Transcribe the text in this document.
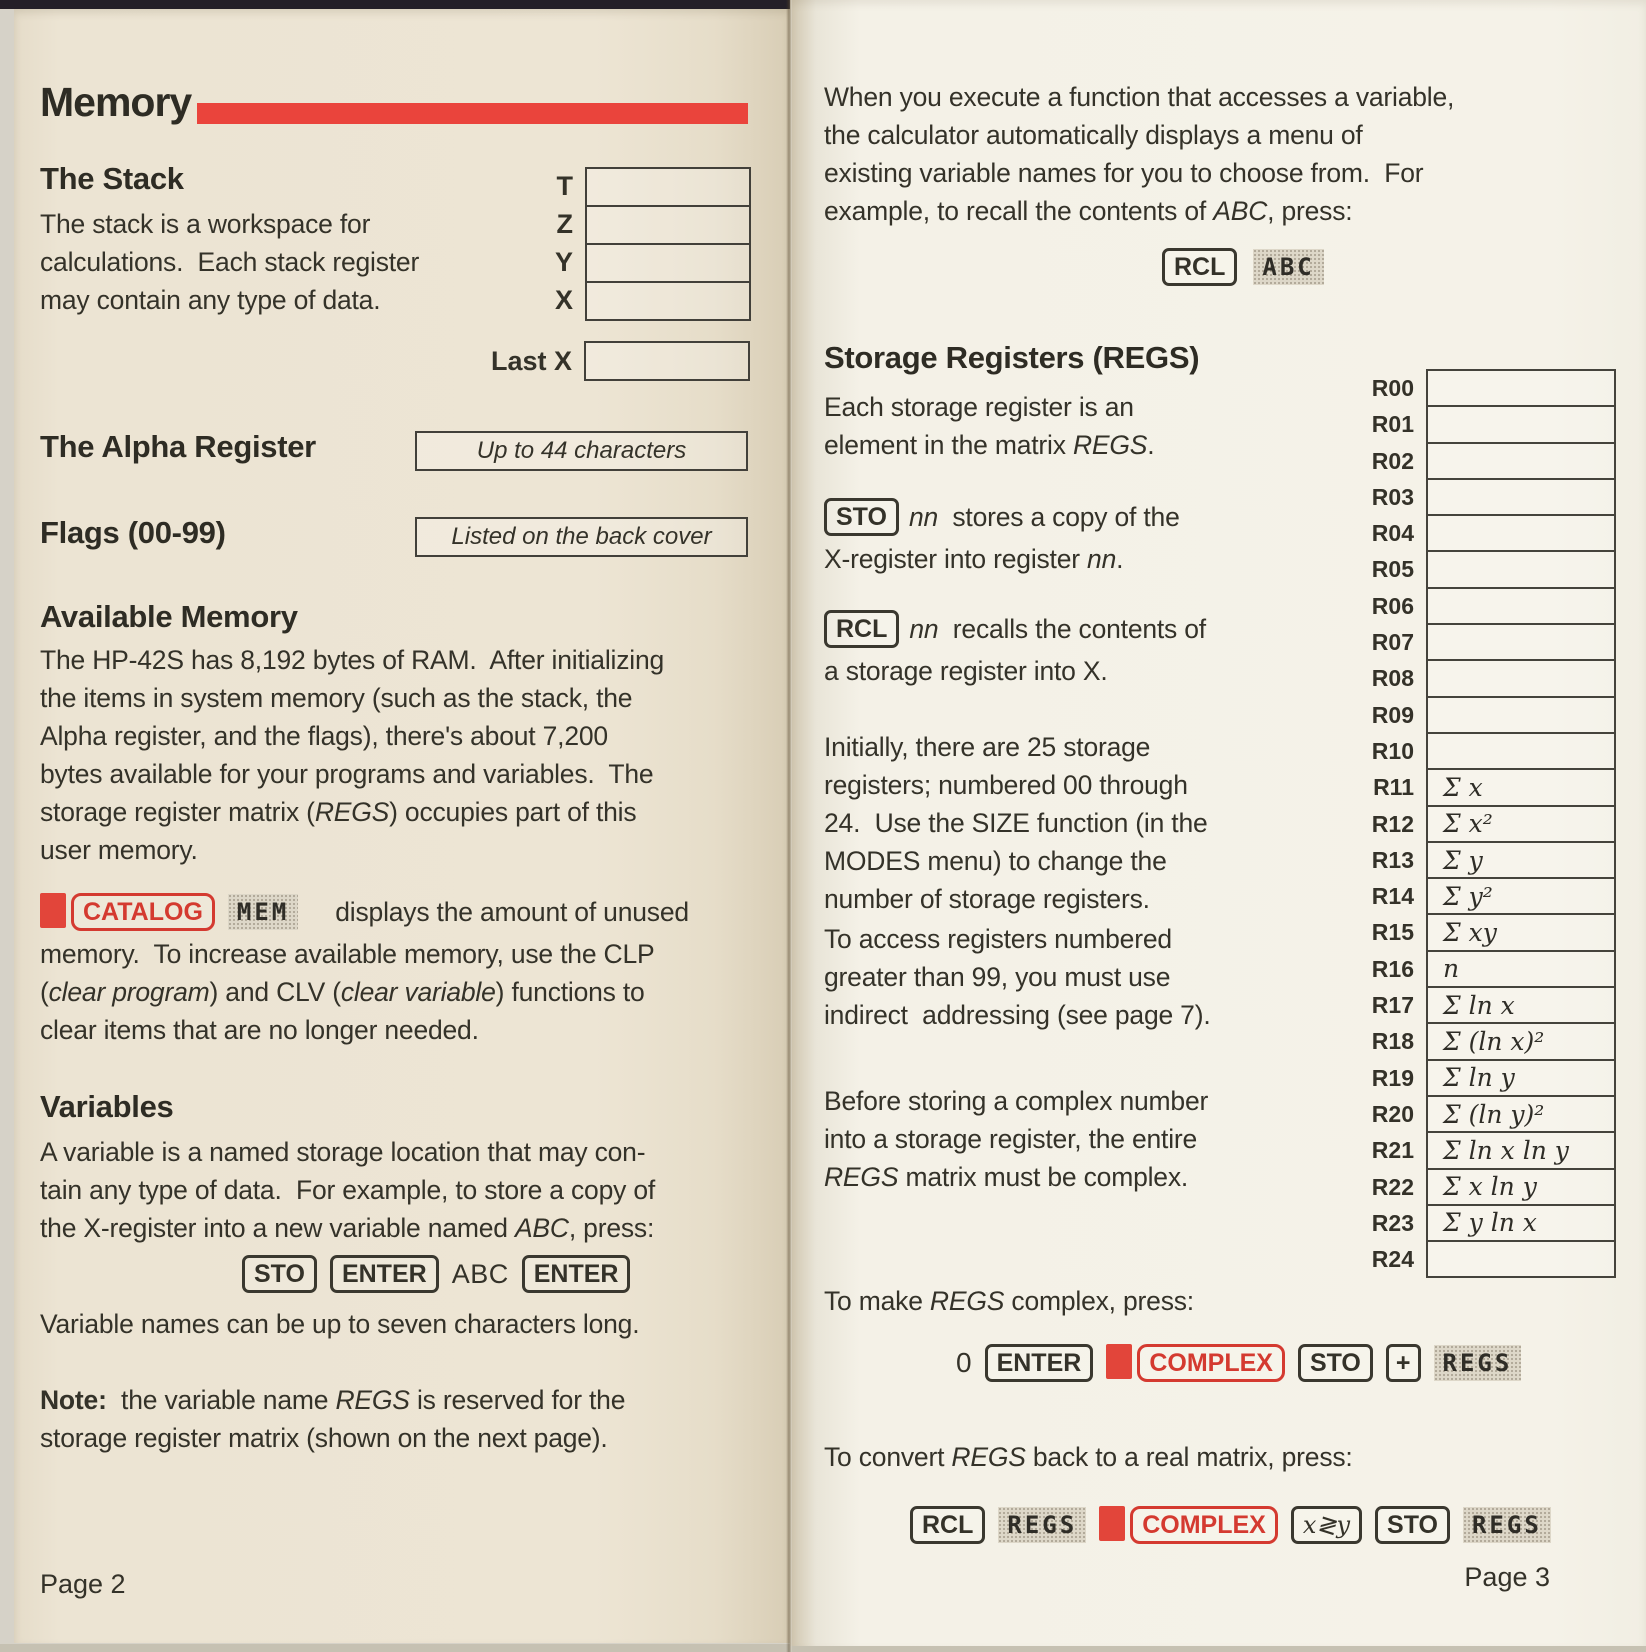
Memory
The Stack
The stack is a workspace for
calculations.  Each stack register
may contain any type of data.
T
Z
Y
X
Last X
The Alpha Register	Up to 44 characters
Flags (00-99)	Listed on the back cover
Available Memory
The HP-42S has 8,192 bytes of RAM.  After initializing
the items in system memory (such as the stack, the
Alpha register, and the flags), there's about 7,200
bytes available for your programs and variables.  The
storage register matrix (REGS) occupies part of this
user memory.
CATALOG	MEM	displays the amount of unused
memory.  To increase available memory, use the CLP
(clear program) and CLV (clear variable) functions to
clear items that are no longer needed.
Variables
A variable is a named storage location that may con-
tain any type of data.  For example, to store a copy of
the X-register into a new variable named ABC, press:
STO	ENTER ABC	ENTER
Variable names can be up to seven characters long.
Note:  the variable name REGS is reserved for the
storage register matrix (shown on the next page).
Page 2
When you execute a function that accesses a variable,
the calculator automatically displays a menu of
existing variable names for you to choose from.  For
example, to recall the contents of ABC, press:
RCL	ABC
Storage Registers (REGS)
Each storage register is an
element in the matrix REGS.
STO nn  stores a copy of the
X-register into register nn.
RCL nn  recalls the contents of
a storage register into X.
Initially, there are 25 storage
registers; numbered 00 through
24.  Use the SIZE function (in the
MODES menu) to change the
number of storage registers.
To access registers numbered
greater than 99, you must use
indirect  addressing (see page 7).
Before storing a complex number
into a storage register, the entire
REGS matrix must be complex.
R00
R01
R02
R03
R04
R05
R06
R07
R08
R09
R10
R11	Σ x
R12	Σ x²
R13	Σ y
R14	Σ y²
R15	Σ xy
R16	n
R17	Σ ln x
R18	Σ (ln x)²
R19	Σ ln y
R20	Σ (ln y)²
R21	Σ ln x ln y
R22	Σ x ln y
R23	Σ y ln x
R24
To make REGS complex, press:
0	ENTER	COMPLEX	STO	+	REGS
To convert REGS back to a real matrix, press:
RCL	REGS	COMPLEX	x≷y	STO	REGS
Page 3
